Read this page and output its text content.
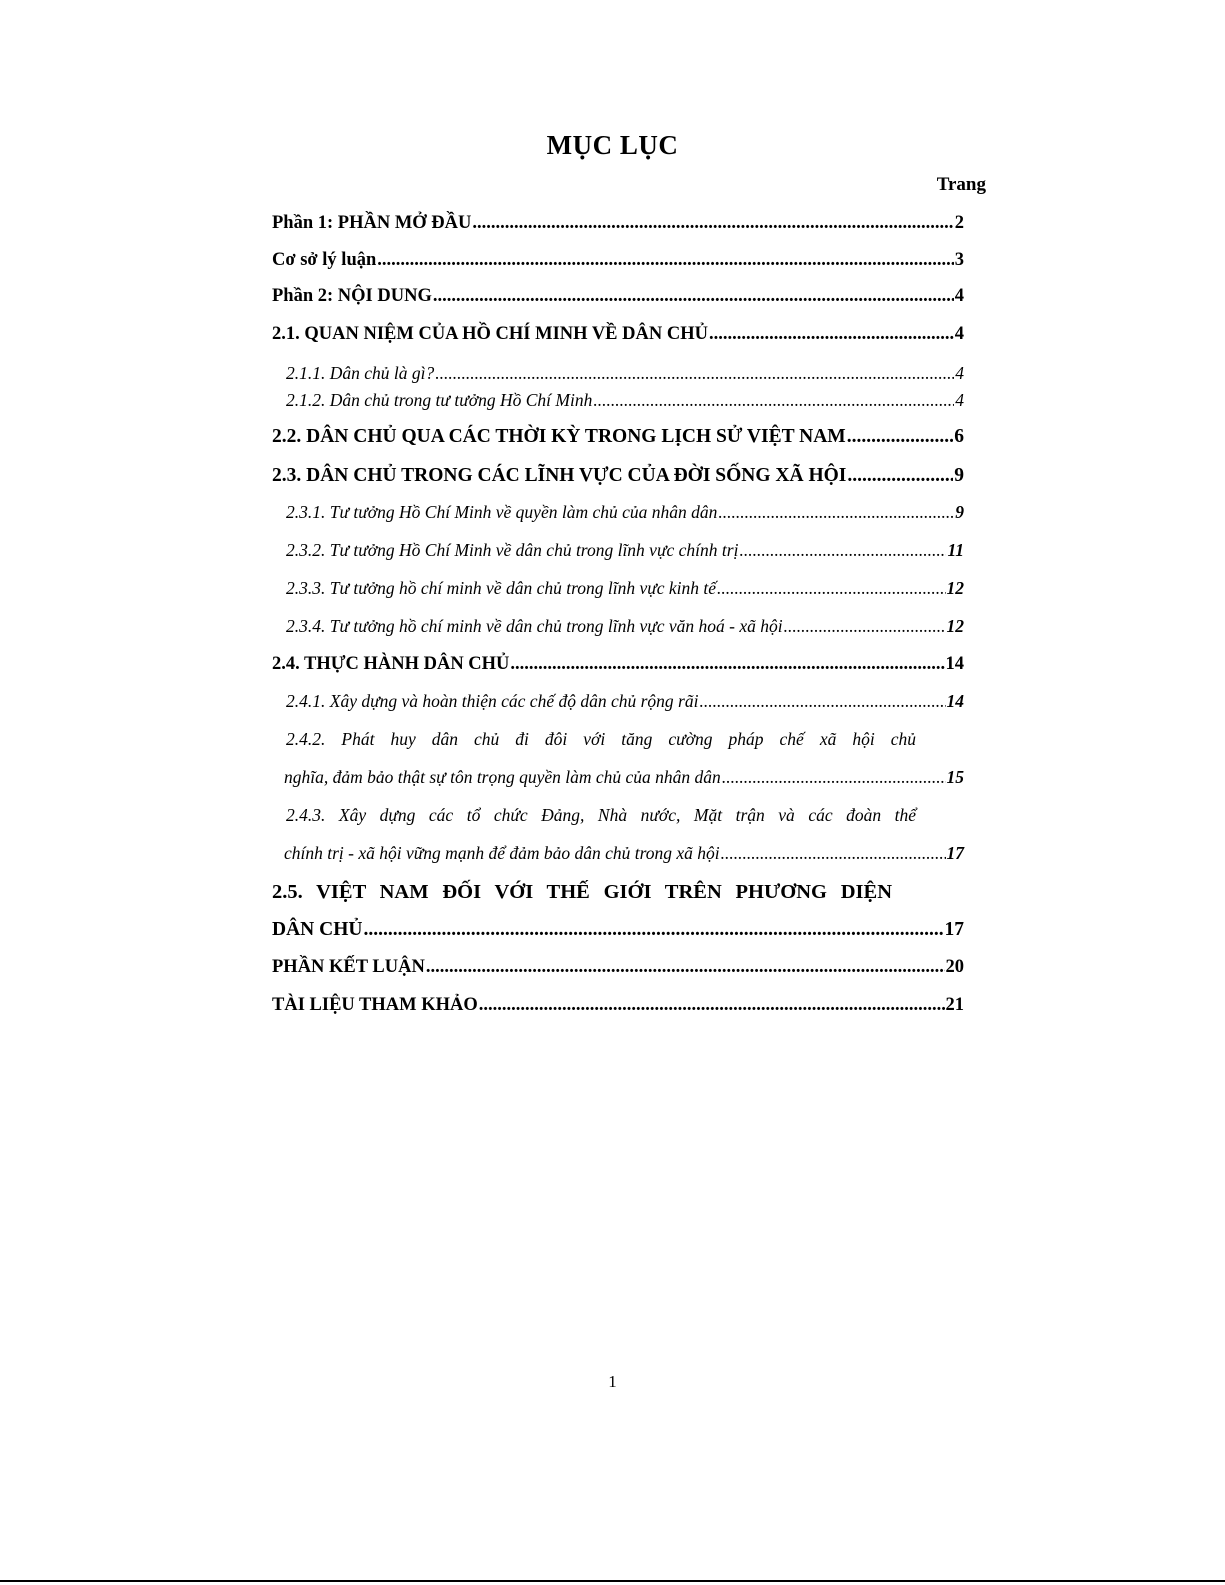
MỤC LỤC
Trang
Phần 1: PHẦN MỞ ĐẦU .....	2
Cơ sở lý luận .....	3
Phần 2: NỘI DUNG .....	4
2.1. QUAN NIỆM CỦA HỒ CHÍ MINH VỀ DÂN CHỦ .....	4
2.1.1. Dân chủ là gì? .....	4
2.1.2. Dân chủ trong tư tưởng Hồ Chí Minh .....	4
2.2. DÂN CHỦ QUA CÁC THỜI KỲ TRONG LỊCH SỬ VIỆT NAM .....	6
2.3. DÂN CHỦ TRONG CÁC LĨNH VỰC CỦA ĐỜI SỐNG XÃ HỘI .....	9
2.3.1. Tư tưởng Hồ Chí Minh về quyền làm chủ của nhân dân .....	9
2.3.2. Tư tưởng Hồ Chí Minh về dân chủ trong lĩnh vực chính trị .....	11
2.3.3. Tư tưởng hồ chí minh về dân chủ trong lĩnh vực kinh tế .....	12
2.3.4. Tư tưởng hồ chí minh về dân chủ trong lĩnh vực văn hoá - xã hội .....	12
2.4. THỰC HÀNH DÂN CHỦ .....	14
2.4.1. Xây dựng và hoàn thiện các chế độ dân chủ rộng rãi .....	14
2.4.2. Phát huy dân chủ đi đôi với tăng cường pháp chế xã hội chủ
nghĩa, đảm bảo thật sự tôn trọng quyền làm chủ của nhân dân .....	15
2.4.3. Xây dựng các tổ chức Đảng, Nhà nước, Mặt trận và các đoàn thể
chính trị - xã hội vững mạnh để đảm bảo dân chủ trong xã hội .....	17
2.5. VIỆT NAM ĐỐI VỚI THẾ GIỚI TRÊN PHƯƠNG DIỆN
DÂN CHỦ .....	17
PHẦN KẾT LUẬN .....	20
TÀI LIỆU THAM KHẢO .....	21
1
